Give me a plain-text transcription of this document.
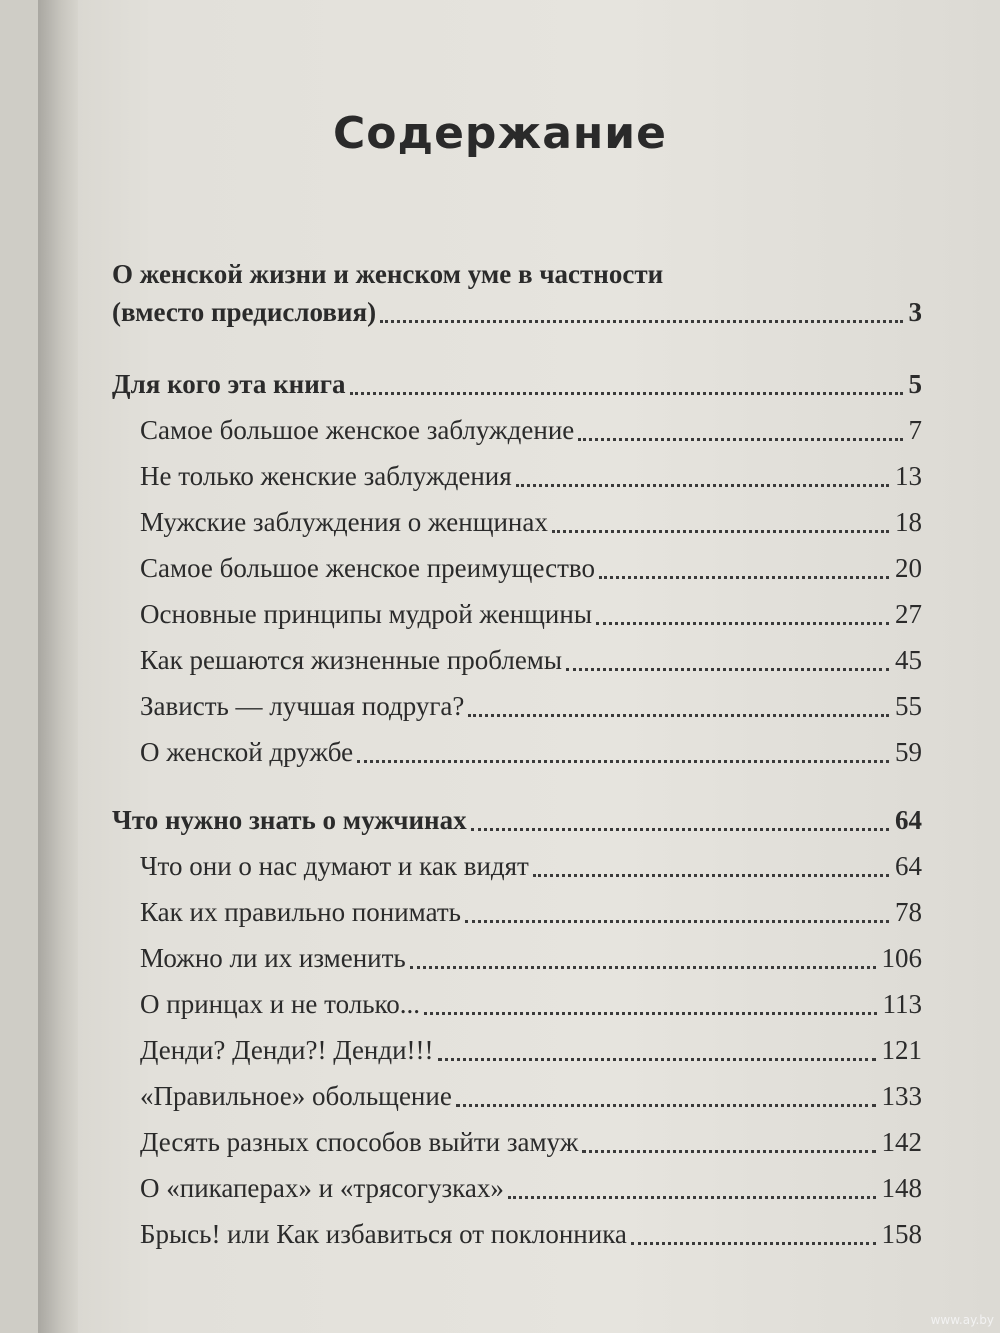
Содержание
О женской жизни и женском уме в частности
(вместо предисловия)	3
Для кого эта книга	5
Самое большое женское заблуждение	7
Не только женские заблуждения	13
Мужские заблуждения о женщинах	18
Самое большое женское преимущество	20
Основные принципы мудрой женщины	27
Как решаются жизненные проблемы	45
Зависть — лучшая подруга?	55
О женской дружбе	59
Что нужно знать о мужчинах	64
Что они о нас думают и как видят	64
Как их правильно понимать	78
Можно ли их изменить	106
О принцах и не только...	113
Денди? Денди?! Денди!!!	121
«Правильное» обольщение	133
Десять разных способов выйти замуж	142
О «пикаперах» и «трясогузках»	148
Брысь! или Как избавиться от поклонника	158
www.ay.by
